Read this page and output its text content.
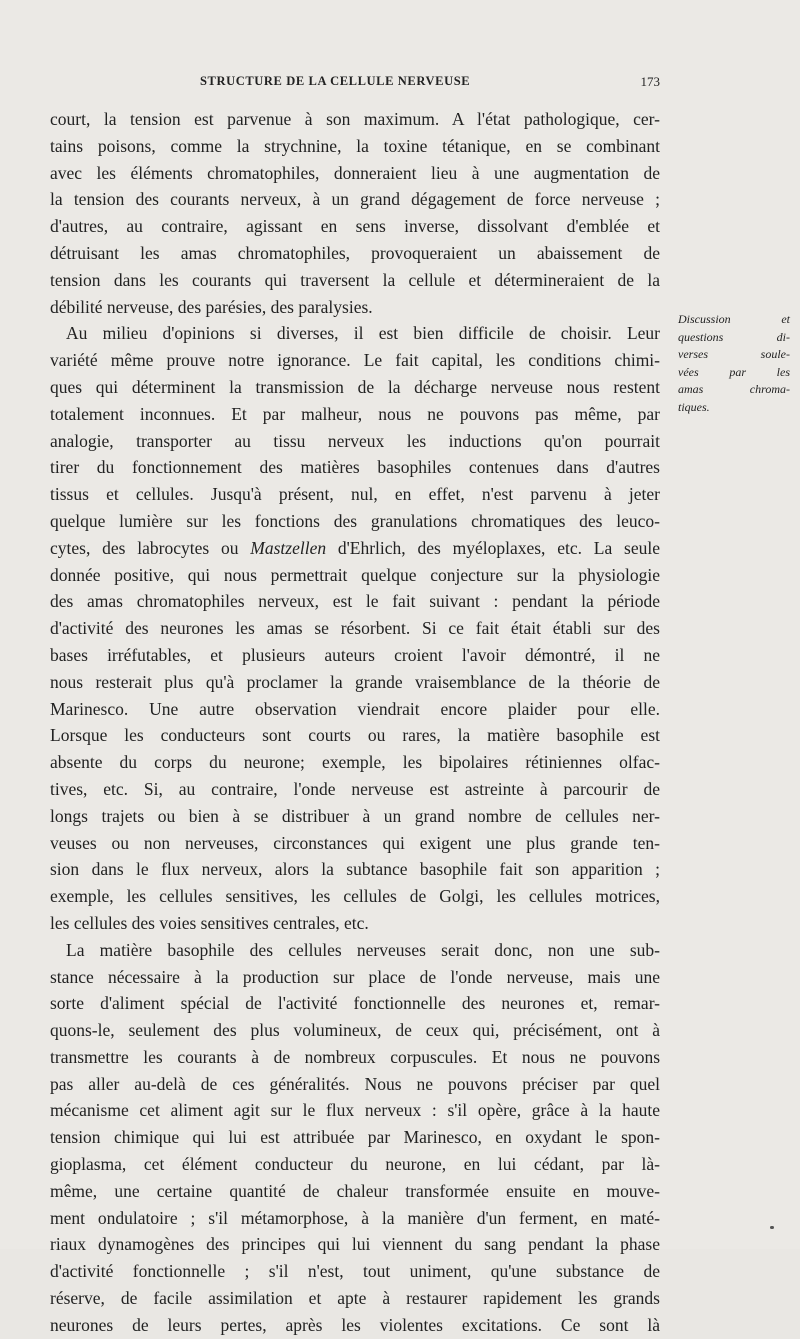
STRUCTURE DE LA CELLULE NERVEUSE	173
court, la tension est parvenue à son maximum. A l'état pathologique, cer-
tains poisons, comme la strychnine, la toxine tétanique, en se combinant
avec les éléments chromatophiles, donneraient lieu à une augmentation de
la tension des courants nerveux, à un grand dégagement de force nerveuse ;
d'autres, au contraire, agissant en sens inverse, dissolvant d'emblée et
détruisant les amas chromatophiles, provoqueraient un abaissement de
tension dans les courants qui traversent la cellule et détermineraient de la
débilité nerveuse, des parésies, des paralysies.
Au milieu d'opinions si diverses, il est bien difficile de choisir. Leur
variété même prouve notre ignorance. Le fait capital, les conditions chimi-
ques qui déterminent la transmission de la décharge nerveuse nous restent
totalement inconnues. Et par malheur, nous ne pouvons pas même, par
analogie, transporter au tissu nerveux les inductions qu'on pourrait
tirer du fonctionnement des matières basophiles contenues dans d'autres
tissus et cellules. Jusqu'à présent, nul, en effet, n'est parvenu à jeter
quelque lumière sur les fonctions des granulations chromatiques des leuco-
cytes, des labrocytes ou Mastzellen d'Ehrlich, des myéloplaxes, etc. La seule
donnée positive, qui nous permettrait quelque conjecture sur la physiologie
des amas chromatophiles nerveux, est le fait suivant : pendant la période
d'activité des neurones les amas se résorbent. Si ce fait était établi sur des
bases irréfutables, et plusieurs auteurs croient l'avoir démontré, il ne
nous resterait plus qu'à proclamer la grande vraisemblance de la théorie de
Marinesco. Une autre observation viendrait encore plaider pour elle.
Lorsque les conducteurs sont courts ou rares, la matière basophile est
absente du corps du neurone; exemple, les bipolaires rétiniennes olfac-
tives, etc. Si, au contraire, l'onde nerveuse est astreinte à parcourir de
longs trajets ou bien à se distribuer à un grand nombre de cellules ner-
veuses ou non nerveuses, circonstances qui exigent une plus grande ten-
sion dans le flux nerveux, alors la subtance basophile fait son apparition ;
exemple, les cellules sensitives, les cellules de Golgi, les cellules motrices,
les cellules des voies sensitives centrales, etc.
La matière basophile des cellules nerveuses serait donc, non une sub-
stance nécessaire à la production sur place de l'onde nerveuse, mais une
sorte d'aliment spécial de l'activité fonctionnelle des neurones et, remar-
quons-le, seulement des plus volumineux, de ceux qui, précisément, ont à
transmettre les courants à de nombreux corpuscules. Et nous ne pouvons
pas aller au-delà de ces généralités. Nous ne pouvons préciser par quel
mécanisme cet aliment agit sur le flux nerveux : s'il opère, grâce à la haute
tension chimique qui lui est attribuée par Marinesco, en oxydant le spon-
gioplasma, cet élément conducteur du neurone, en lui cédant, par là-
même, une certaine quantité de chaleur transformée ensuite en mouve-
ment ondulatoire ; s'il métamorphose, à la manière d'un ferment, en maté-
riaux dynamogènes des principes qui lui viennent du sang pendant la phase
d'activité fonctionnelle ; s'il n'est, tout uniment, qu'une substance de
réserve, de facile assimilation et apte à restaurer rapidement les grands
neurones de leurs pertes, après les violentes excitations. Ce sont là
Discussion et
questions di-
verses soule-
vées par les
amas chroma-
tiques.
